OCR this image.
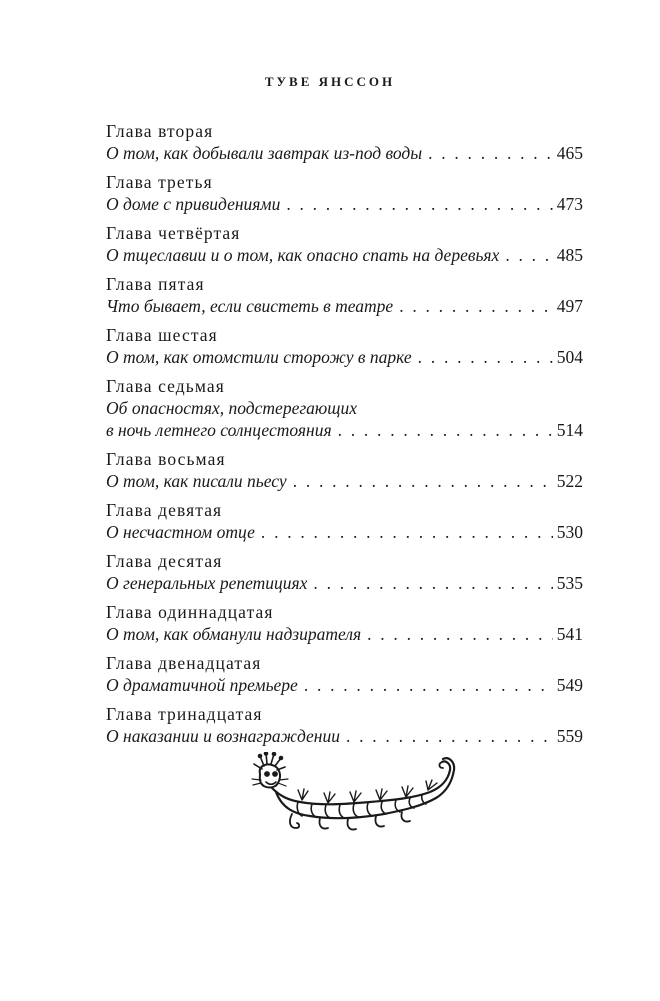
ТУВЕ ЯНССОН
Глава вторая
О том, как добывали завтрак из-под воды . . .	465
Глава третья
О доме с привидениями . . .	473
Глава четвёртая
О тщеславии и о том, как опасно спать на деревьях . . .	485
Глава пятая
Что бывает, если свистеть в театре . . .	497
Глава шестая
О том, как отомстили сторожу в парке . . .	504
Глава седьмая
Об опасностях, подстерегающих
в ночь летнего солнцестояния . . .	514
Глава восьмая
О том, как писали пьесу . . .	522
Глава девятая
О несчастном отце . . .	530
Глава десятая
О генеральных репетициях . . .	535
Глава одиннадцатая
О том, как обманули надзирателя . . .	541
Глава двенадцатая
О драматичной премьере . . .	549
Глава тринадцатая
О наказании и вознаграждении . . .	559
